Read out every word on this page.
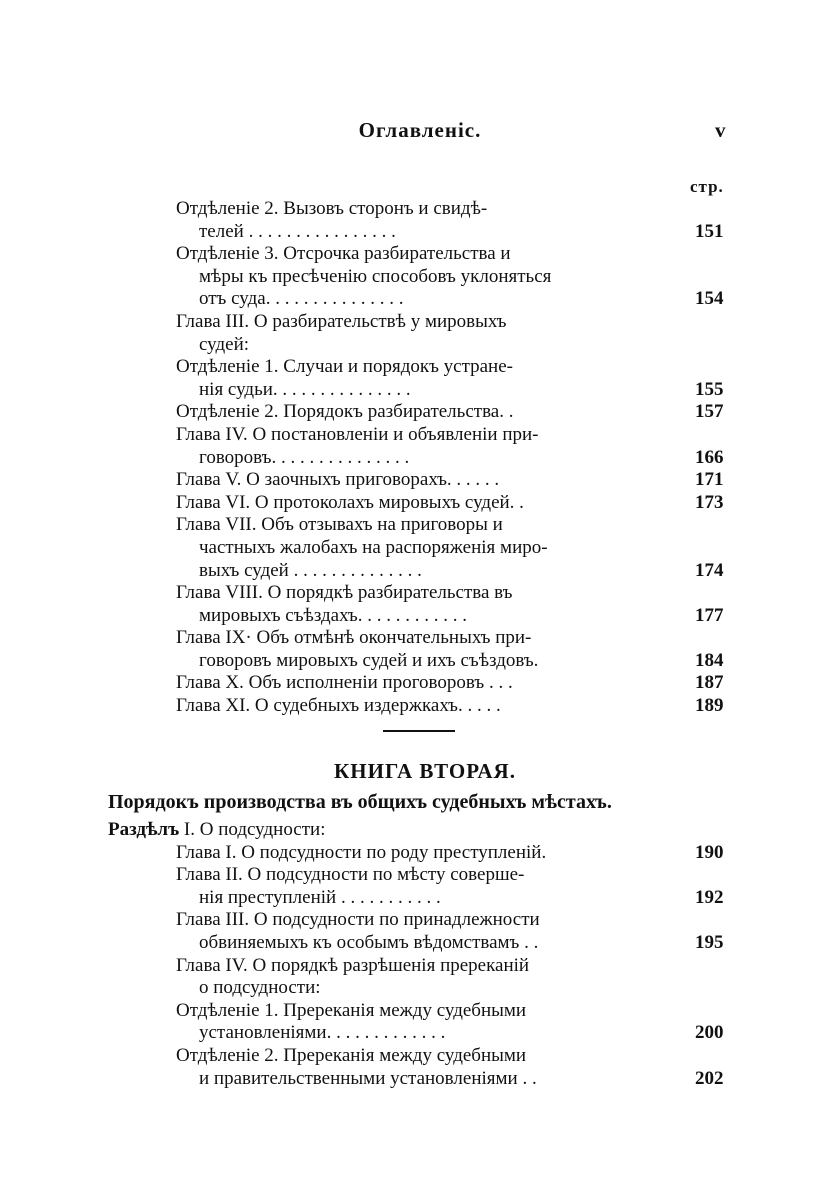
Оглавленіс.	v
стр.
Отдѣленіе 2. Вызовъ сторонъ и свидѣ-
телей . . . . . . . . . . . . . . . .	151
Отдѣленіе 3. Отсрочка разбирательства и
мѣры къ пресѣченію способовъ уклоняться
отъ суда. . . . . . . . . . . . . . .	154
Глава III. О разбирательствѣ у мировыхъ
судей:
Отдѣленіе 1. Случаи и порядокъ устране-
нія судьи. . . . . . . . . . . . . . .	155
Отдѣленіе 2. Порядокъ разбирательства. .	157
Глава IV. О постановленіи и объявленіи при-
говоровъ. . . . . . . . . . . . . . .	166
Глава V. О заочныхъ приговорахъ. . . . . .	171
Глава VI. О протоколахъ мировыхъ судей. .	173
Глава VII. Объ отзывахъ на приговоры и
частныхъ жалобахъ на распоряженія миро-
выхъ судей . . . . . . . . . . . . . .	174
Глава VIII. О порядкѣ разбирательства въ
мировыхъ съѣздахъ. . . . . . . . . . . .	177
Глава IX· Объ отмѣнѣ окончательныхъ при-
говоровъ мировыхъ судей и ихъ съѣздовъ.	184
Глава X. Объ исполненіи проговоровъ . . .	187
Глава XI. О судебныхъ издержкахъ. . . . .	189
КНИГА ВТОРАЯ.
Порядокъ производства въ общихъ судебныхъ мѣстахъ.
Раздѣлъ I. О подсудности:
Глава I. О подсудности по роду преступленій.	190
Глава II. О подсудности по мѣсту соверше-
нія преступленій . . . . . . . . . . .	192
Глава III. О подсудности по принадлежности
обвиняемыхъ къ особымъ вѣдомствамъ . .	195
Глава IV. О порядкѣ разрѣшенія пререканій
о подсудности:
Отдѣленіе 1. Пререканія между судебными
установленіями. . . . . . . . . . . . .	200
Отдѣленіе 2. Пререканія между судебными
и правительственными установленіями . .	202
